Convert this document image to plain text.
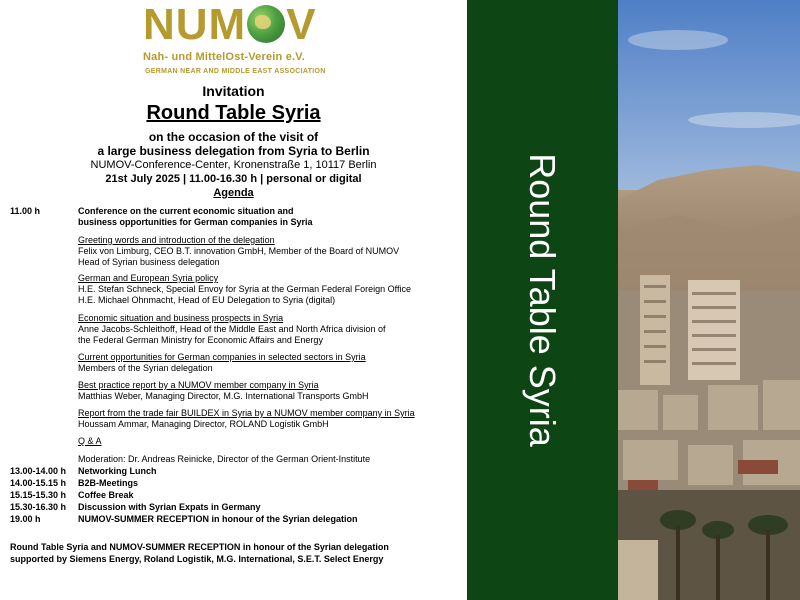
NUM V
Nah- und MittelOst-Verein e.V.
GERMAN NEAR AND MIDDLE EAST ASSOCIATION
Invitation
Round Table Syria
on the occasion of the visit of
a large business delegation from Syria to Berlin
NUMOV-Conference-Center, Kronenstraße 1, 10117 Berlin
21st July 2025 | 11.00-16.30 h | personal or digital
Agenda
11.00 h	Conference on the current economic situation and
business opportunities for German companies in Syria
Greeting words and introduction of the delegation
Felix von Limburg, CEO B.T. innovation GmbH, Member of the Board of NUMOV
Head of Syrian business delegation
German and European Syria policy
H.E. Stefan Schneck, Special Envoy for Syria at the German Federal Foreign Office
H.E. Michael Ohnmacht, Head of EU Delegation to Syria (digital)
Economic situation and business prospects in Syria
Anne Jacobs-Schleithoff, Head of the Middle East and North Africa division of
the Federal German Ministry for Economic Affairs and Energy
Current opportunities for German companies in selected sectors in Syria
Members of the Syrian delegation
Best practice report by a NUMOV member company in Syria
Matthias Weber, Managing Director, M.G. International Transports GmbH
Report from the trade fair BUILDEX in Syria by a NUMOV member company in Syria
Houssam Ammar, Managing Director, ROLAND Logistik GmbH
Q & A
Moderation: Dr. Andreas Reinicke, Director of the German Orient-Institute
13.00-14.00 h Networking Lunch
14.00-15.15 h B2B-Meetings
15.15-15.30 h Coffee Break
15.30-16.30 h Discussion with Syrian Expats in Germany
19.00 h	NUMOV-SUMMER RECEPTION in honour of the Syrian delegation
Round Table Syria and NUMOV-SUMMER RECEPTION in honour of the Syrian delegation
supported by Siemens Energy, Roland Logistik, M.G. International, S.E.T. Select Energy
Round Table Syria
